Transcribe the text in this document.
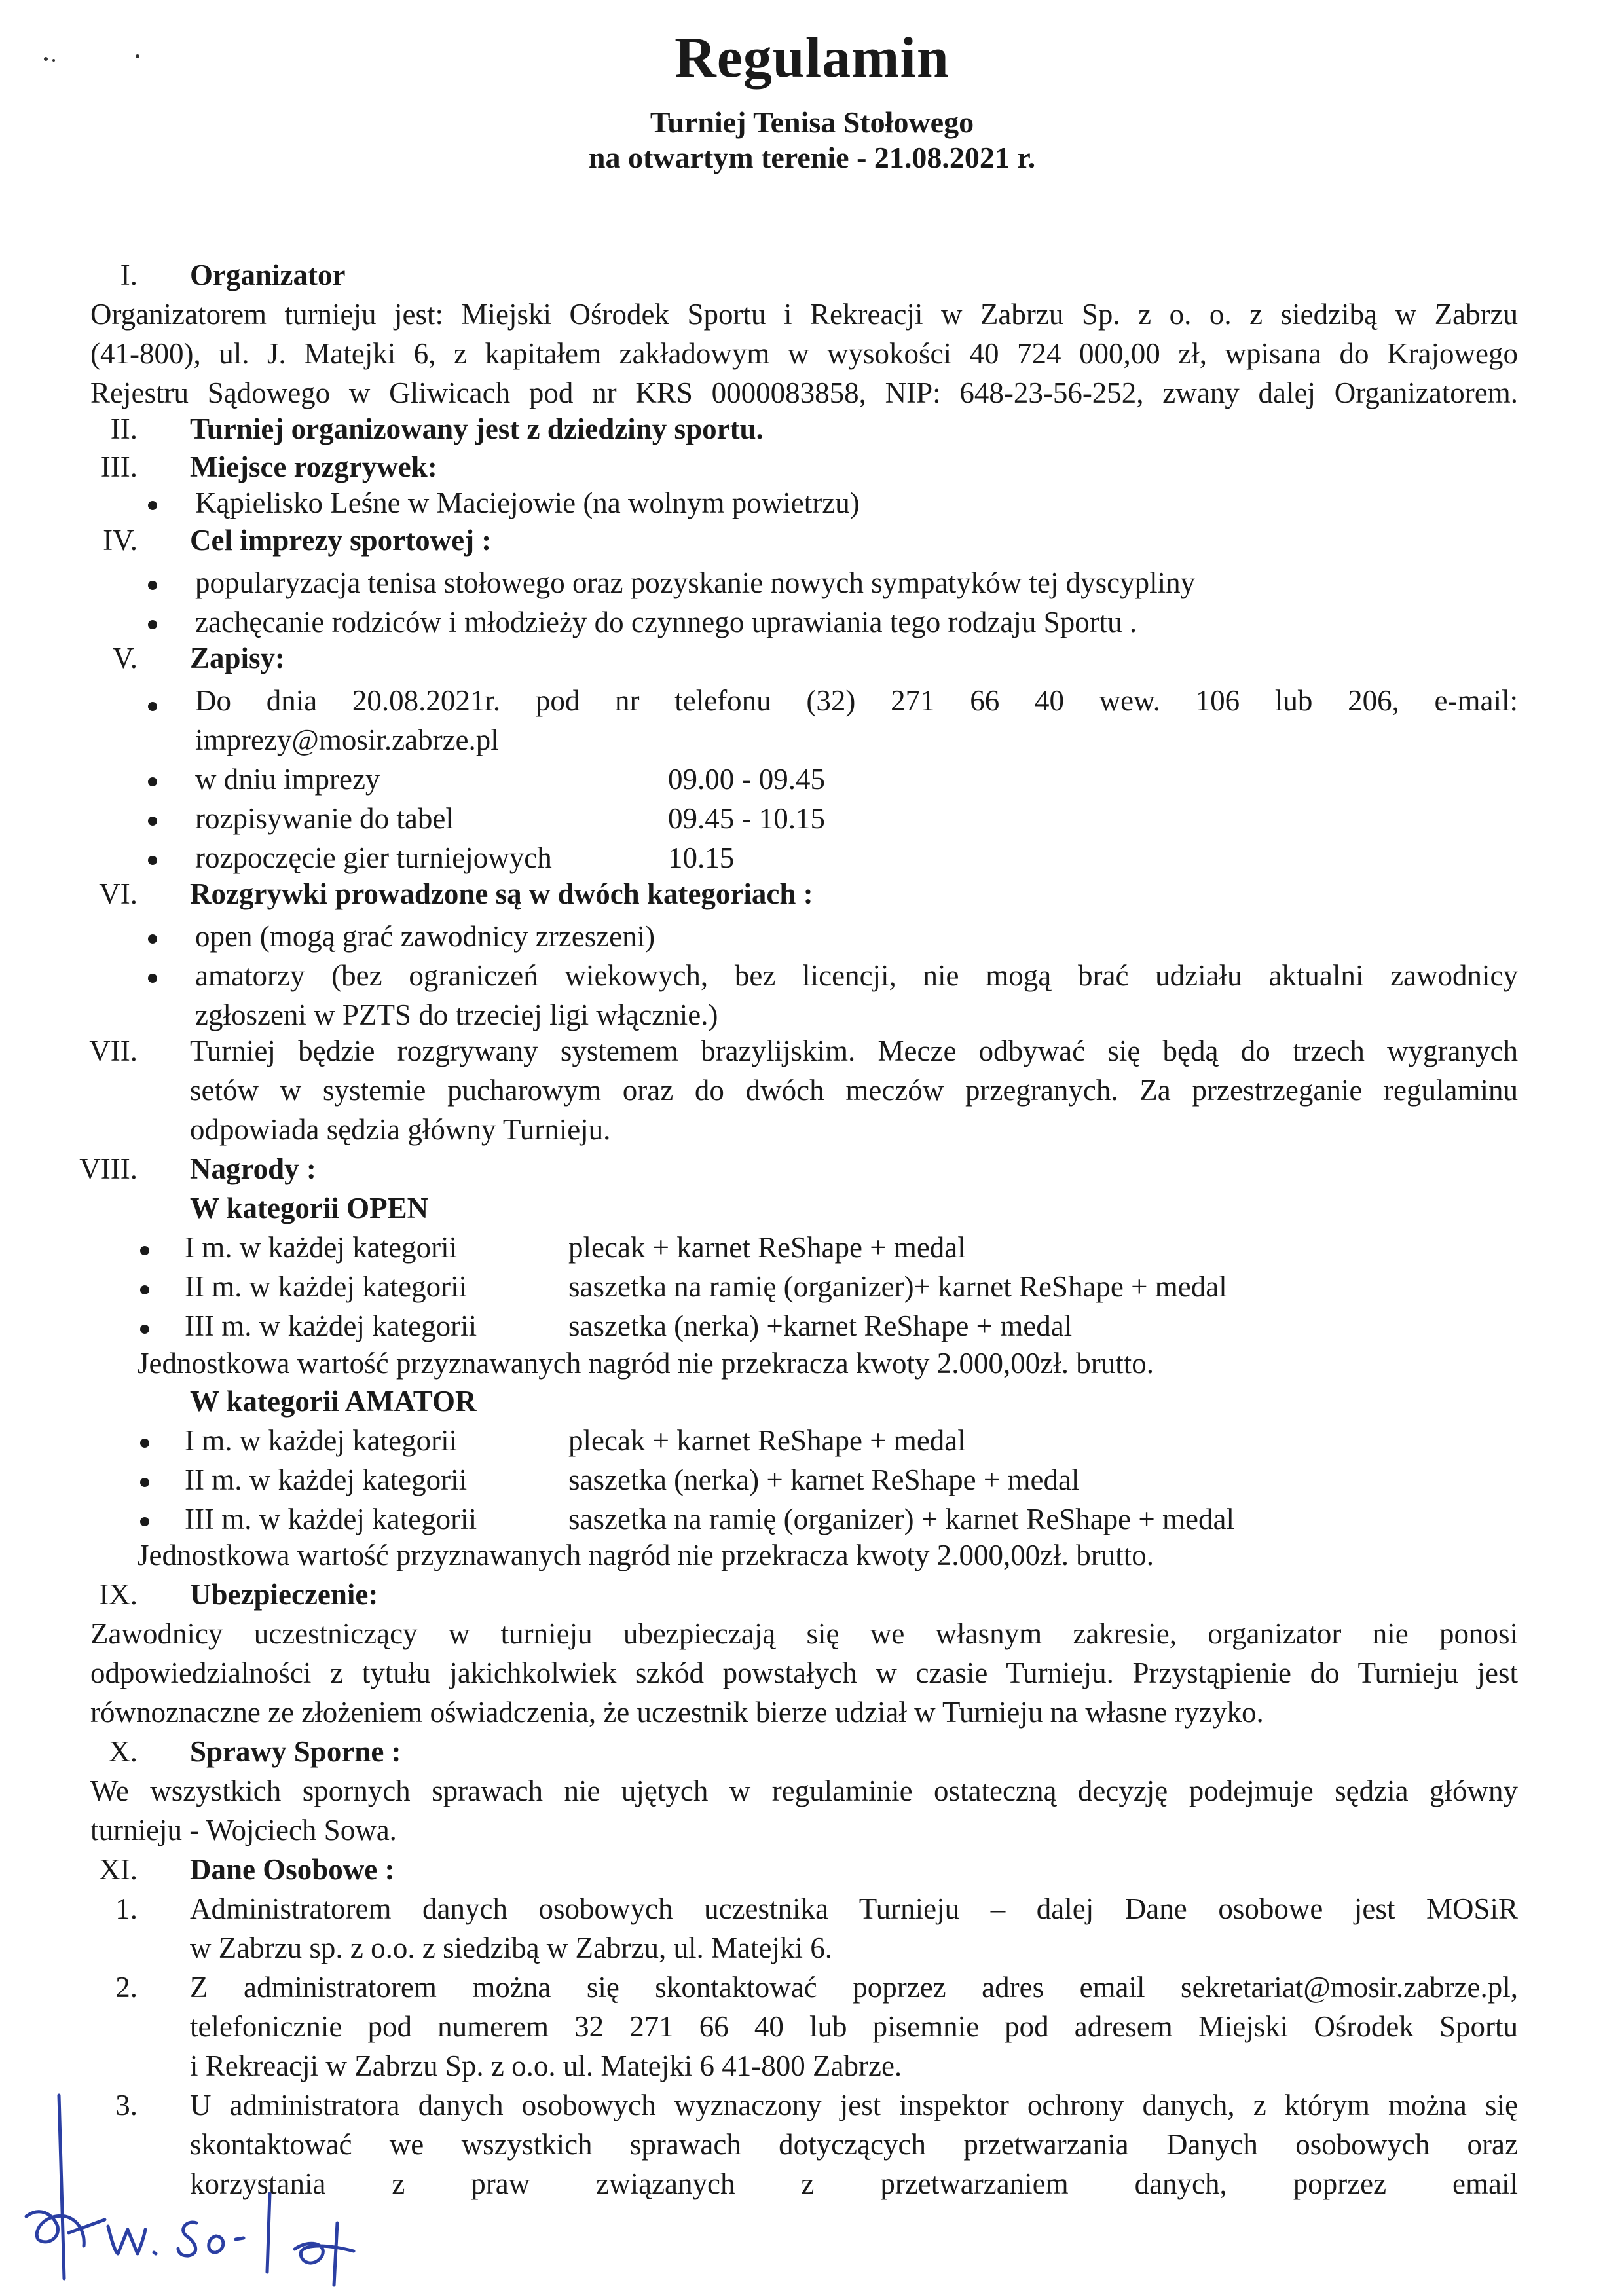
Regulamin
Turniej Tenisa Stołowego
na otwartym terenie - 21.08.2021 r.
I. Organizator
Organizatorem turnieju jest: Miejski Ośrodek Sportu i Rekreacji w Zabrzu Sp. z o. o. z siedzibą w Zabrzu
(41-800), ul. J. Matejki 6, z kapitałem zakładowym w wysokości 40 724 000,00 zł, wpisana do Krajowego
Rejestru Sądowego w Gliwicach pod nr KRS 0000083858, NIP: 648-23-56-252, zwany dalej Organizatorem.
II. Turniej organizowany jest z dziedziny sportu.
III. Miejsce rozgrywek:
Kąpielisko Leśne w Maciejowie (na wolnym powietrzu)
IV. Cel imprezy sportowej :
popularyzacja tenisa stołowego oraz pozyskanie nowych sympatyków tej dyscypliny
zachęcanie rodziców i młodzieży do czynnego uprawiania tego rodzaju Sportu .
V. Zapisy:
Do dnia 20.08.2021r. pod nr telefonu (32) 271 66 40 wew. 106 lub 206, e-mail:
imprezy@mosir.zabrze.pl
w dniu imprezy	09.00 - 09.45
rozpisywanie do tabel	09.45 - 10.15
rozpoczęcie gier turniejowych	10.15
VI. Rozgrywki prowadzone są w dwóch kategoriach :
open (mogą grać zawodnicy zrzeszeni)
amatorzy (bez ograniczeń wiekowych, bez licencji, nie mogą brać udziału aktualni zawodnicy
zgłoszeni w PZTS do trzeciej ligi włącznie.)
VII. Turniej będzie rozgrywany systemem brazylijskim. Mecze odbywać się będą do trzech wygranych
setów w systemie pucharowym oraz do dwóch meczów przegranych. Za przestrzeganie regulaminu
odpowiada sędzia główny Turnieju.
VIII. Nagrody :
W kategorii OPEN
I m. w każdej kategorii	plecak + karnet ReShape + medal
II m. w każdej kategorii	saszetka na ramię (organizer)+ karnet ReShape + medal
III m. w każdej kategorii	saszetka (nerka) +karnet ReShape + medal
Jednostkowa wartość przyznawanych nagród nie przekracza kwoty 2.000,00zł. brutto.
W kategorii AMATOR
I m. w każdej kategorii	plecak + karnet ReShape + medal
II m. w każdej kategorii	saszetka (nerka) + karnet ReShape + medal
III m. w każdej kategorii	saszetka na ramię (organizer) + karnet ReShape + medal
Jednostkowa wartość przyznawanych nagród nie przekracza kwoty 2.000,00zł. brutto.
IX. Ubezpieczenie:
Zawodnicy uczestniczący w turnieju ubezpieczają się we własnym zakresie, organizator nie ponosi
odpowiedzialności z tytułu jakichkolwiek szkód powstałych w czasie Turnieju. Przystąpienie do Turnieju jest
równoznaczne ze złożeniem oświadczenia, że uczestnik bierze udział w Turnieju na własne ryzyko.
X. Sprawy Sporne :
We wszystkich spornych sprawach nie ujętych w regulaminie ostateczną decyzję podejmuje sędzia główny
turnieju - Wojciech Sowa.
XI. Dane Osobowe :
1. Administratorem danych osobowych uczestnika Turnieju – dalej Dane osobowe jest MOSiR
w Zabrzu sp. z o.o. z siedzibą w Zabrzu, ul. Matejki 6.
2. Z administratorem można się skontaktować poprzez adres email sekretariat@mosir.zabrze.pl,
telefonicznie pod numerem 32 271 66 40 lub pisemnie pod adresem Miejski Ośrodek Sportu
i Rekreacji w Zabrzu Sp. z o.o. ul. Matejki 6 41-800 Zabrze.
3. U administratora danych osobowych wyznaczony jest inspektor ochrony danych, z którym można się
skontaktować we wszystkich sprawach dotyczących przetwarzania Danych osobowych oraz
korzystania z praw związanych z przetwarzaniem danych, poprzez email
